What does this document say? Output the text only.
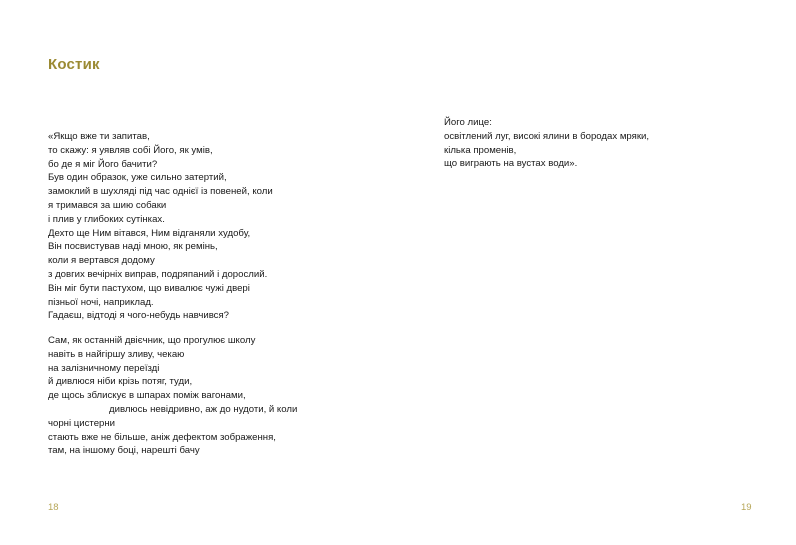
Костик
«Якщо вже ти запитав,
то скажу: я уявляв собі Його, як умів,
бо де я міг Його бачити?
Був один образок, уже сильно затертий,
замоклий в шухляді під час однієї із повеней, коли
я тримався за шию собаки
і плив у глибоких сутінках.
Дехто ще Ним вітався, Ним відганяли худобу,
Він посвистував наді мною, як ремінь,
коли я вертався додому
з довгих вечірніх виправ, подряпаний і дорослий.
Він міг бути пастухом, що вивалює чужі двері
пізньої ночі, наприклад.
Гадаєш, відтоді я чого-небудь навчився?
Сам, як останній двієчник, що прогулює школу
навіть в найгіршу зливу, чекаю
на залізничному переїзді
й дивлюся ніби крізь потяг, туди,
де щось зблискує в шпарах поміж вагонами,
дивлюсь невідривно, аж до нудоти, й коли
чорні цистерни
стають вже не більше, аніж дефектом зображення,
там, на іншому боці, нарешті бачу
Його лице:
освітлений луг, високі ялини в бородах мряки,
кілька променів,
що виграють на вустах води».
18	19
